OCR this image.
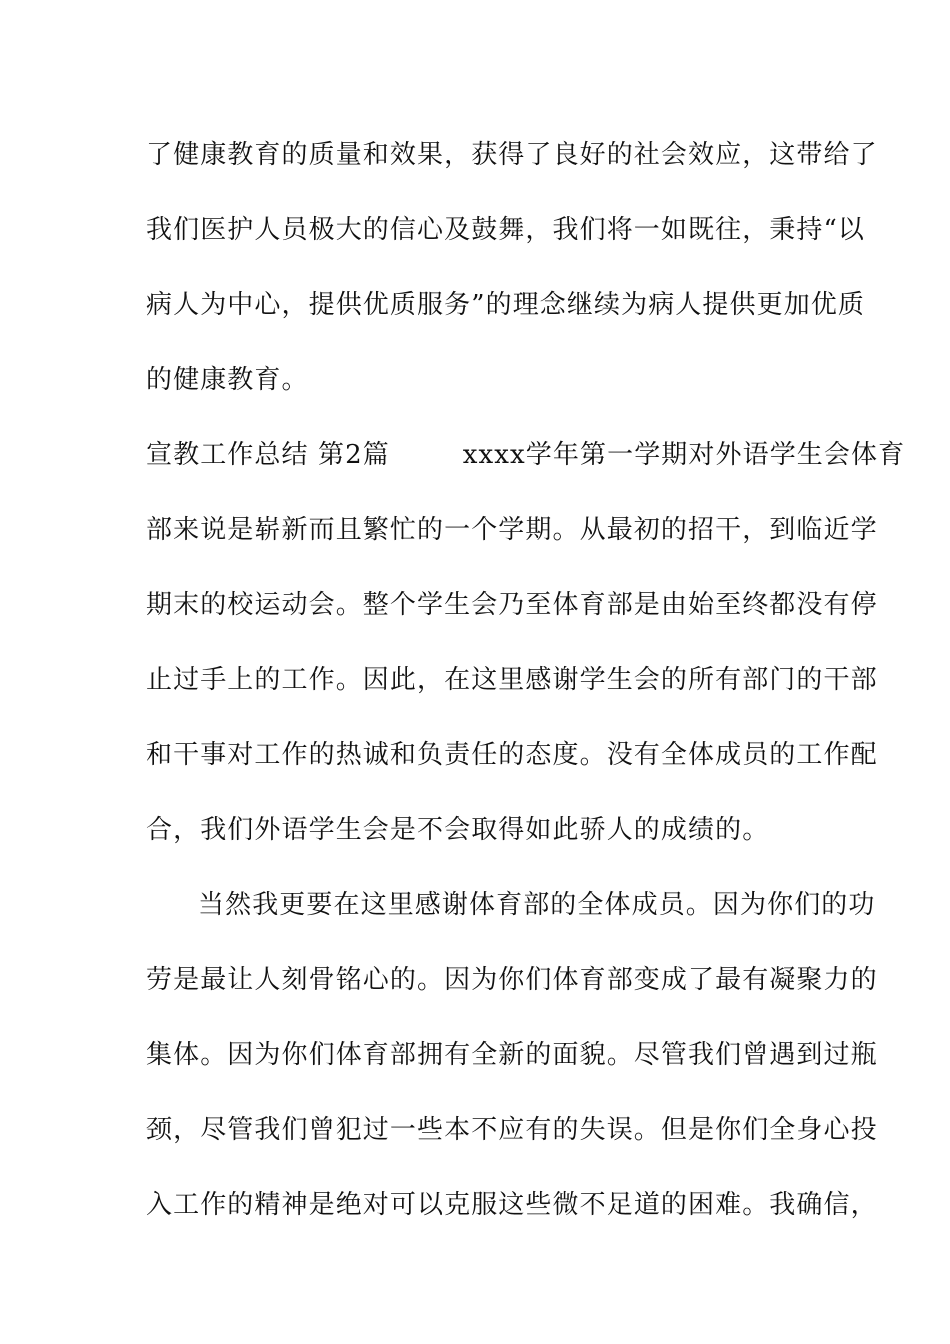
了健康教育的质量和效果，获得了良好的社会效应，这带给了
我们医护人员极大的信心及鼓舞，我们将一如既往，秉持“以
病人为中心，提供优质服务”的理念继续为病人提供更加优质
的健康教育。
宣教工作总结 第2篇　　  xxxx学年第一学期对外语学生会体育
部来说是崭新而且繁忙的一个学期。从最初的招干，到临近学
期末的校运动会。整个学生会乃至体育部是由始至终都没有停
止过手上的工作。因此，在这里感谢学生会的所有部门的干部
和干事对工作的热诚和负责任的态度。没有全体成员的工作配
合，我们外语学生会是不会取得如此骄人的成绩的。
当然我更要在这里感谢体育部的全体成员。因为你们的功
劳是最让人刻骨铭心的。因为你们体育部变成了最有凝聚力的
集体。因为你们体育部拥有全新的面貌。尽管我们曾遇到过瓶
颈，尽管我们曾犯过一些本不应有的失误。但是你们全身心投
入工作的精神是绝对可以克服这些微不足道的困难。我确信，
